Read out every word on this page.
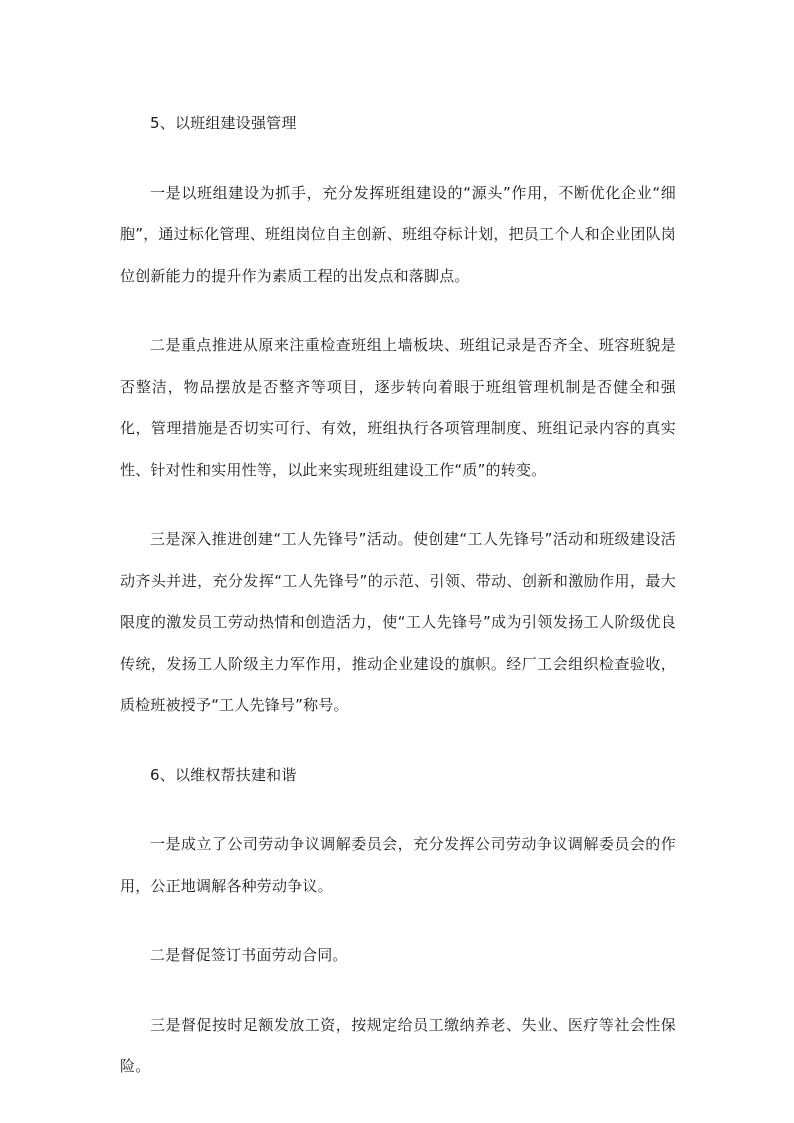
5、以班组建设强管理

一是以班组建设为抓手，充分发挥班组建设的“源头”作用，不断优化企业“细胞”，通过标化管理、班组岗位自主创新、班组夺标计划，把员工个人和企业团队岗位创新能力的提升作为素质工程的出发点和落脚点。

二是重点推进从原来注重检查班组上墙板块、班组记录是否齐全、班容班貌是否整洁，物品摆放是否整齐等项目，逐步转向着眼于班组管理机制是否健全和强化，管理措施是否切实可行、有效，班组执行各项管理制度、班组记录内容的真实性、针对性和实用性等，以此来实现班组建设工作“质”的转变。

三是深入推进创建“工人先锋号”活动。使创建“工人先锋号”活动和班级建设活动齐头并进，充分发挥“工人先锋号”的示范、引领、带动、创新和激励作用，最大限度的激发员工劳动热情和创造活力，使“工人先锋号”成为引领发扬工人阶级优良传统，发扬工人阶级主力军作用，推动企业建设的旗帜。经厂工会组织检查验收，质检班被授予“工人先锋号”称号。

6、以维权帮扶建和谐

一是成立了公司劳动争议调解委员会，充分发挥公司劳动争议调解委员会的作用，公正地调解各种劳动争议。

二是督促签订书面劳动合同。

三是督促按时足额发放工资，按规定给员工缴纳养老、失业、医疗等社会性保险。
